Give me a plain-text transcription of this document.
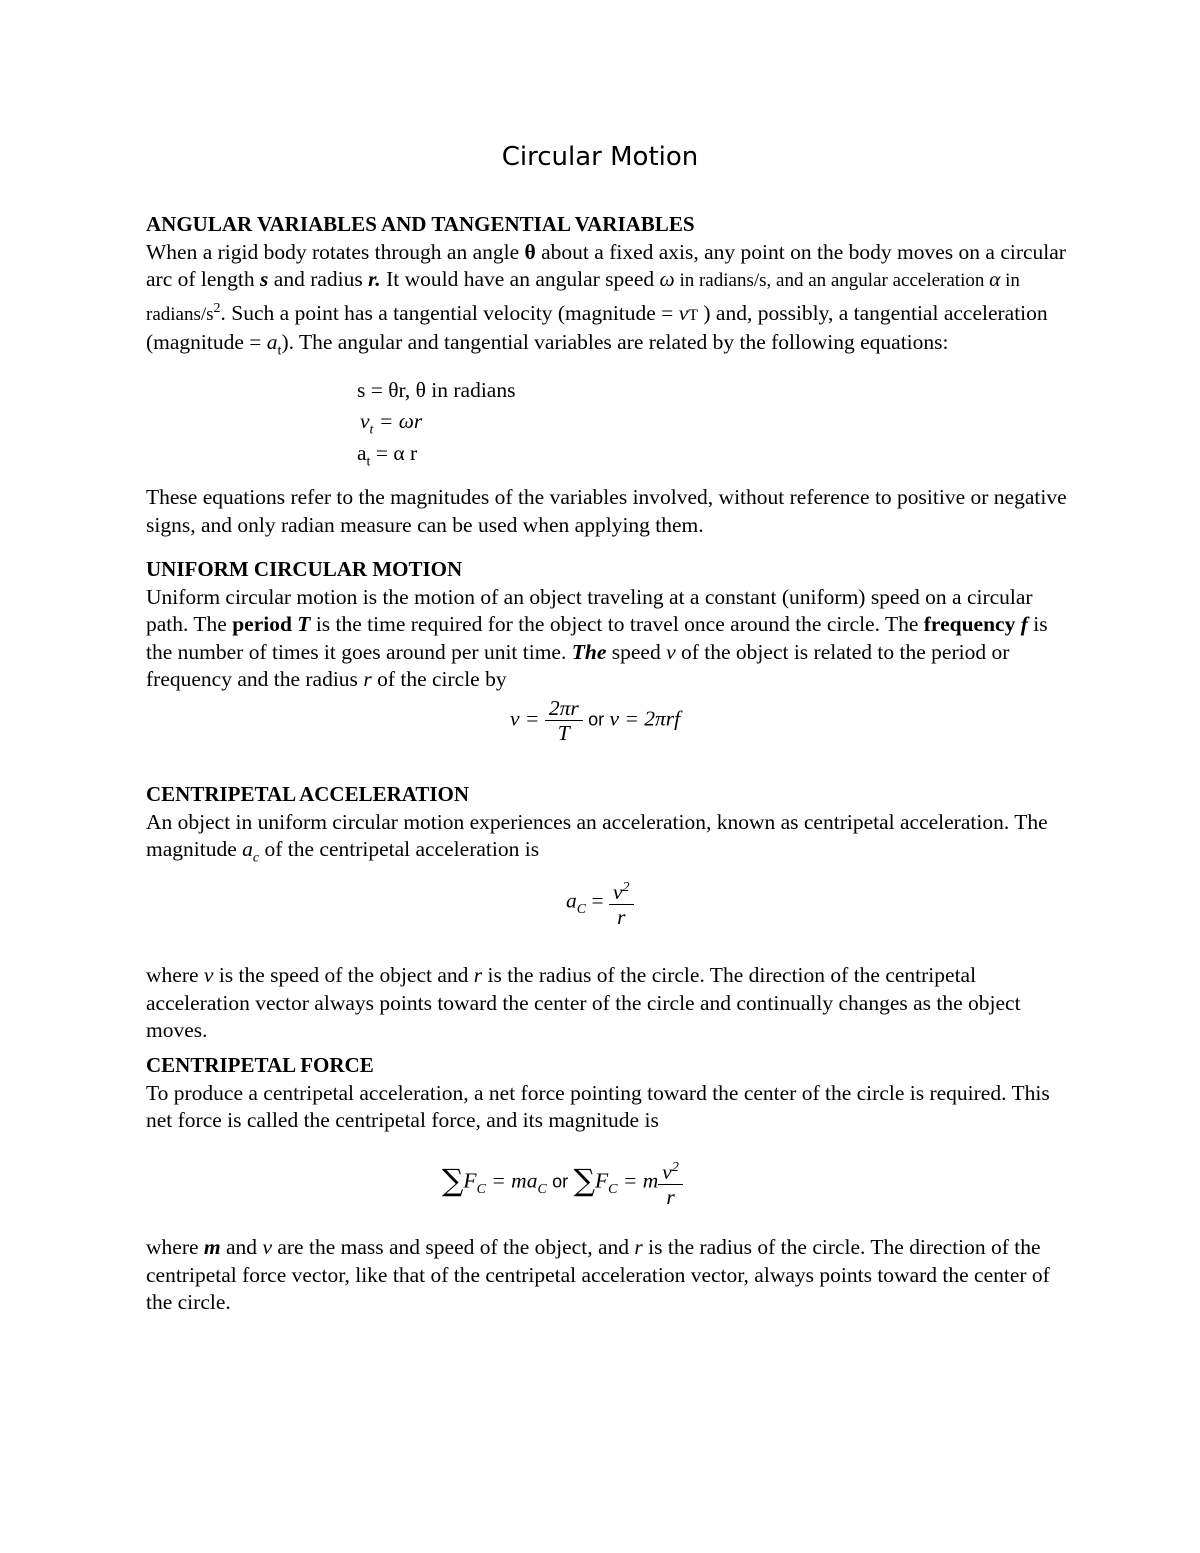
Circular Motion

ANGULAR VARIABLES AND TANGENTIAL VARIABLES

When a rigid body rotates through an angle θ about a fixed axis, any point on the body moves on a circular arc of length s and radius r. It would have an angular speed ω in radians/s, and an angular acceleration α in radians/$s^2$. Such a point has a tangential velocity (magnitude = vT ) and, possibly, a tangential acceleration (magnitude = $a_t$). The angular and tangential variables are related by the following equations:

s = θr, θ in radians
$v_t = \omega r$
$a_t = \alpha$ r

These equations refer to the magnitudes of the variables involved, without reference to positive or negative signs, and only radian measure can be used when applying them.

UNIFORM CIRCULAR MOTION

Uniform circular motion is the motion of an object traveling at a constant (uniform) speed on a circular path. The period T is the time required for the object to travel once around the circle. The frequency f is the number of times it goes around per unit time. The speed v of the object is related to the period or frequency and the radius r of the circle by

$v = \frac{2\pi r}{T}$ or v = 2πrf

CENTRIPETAL ACCELERATION

An object in uniform circular motion experiences an acceleration, known as centripetal acceleration. The magnitude $a_c$ of the centripetal acceleration is

$a_C = \frac{v^2}{r}$

where v is the speed of the object and r is the radius of the circle. The direction of the centripetal acceleration vector always points toward the center of the circle and continually changes as the object moves.

CENTRIPETAL FORCE

To produce a centripetal acceleration, a net force pointing toward the center of the circle is required. This net force is called the centripetal force, and its magnitude is

$\sum F_C = ma_C$ or $\sum F_C = m \frac{v^2}{r}$

where m and v are the mass and speed of the object, and r is the radius of the circle. The direction of the centripetal force vector, like that of the centripetal acceleration vector, always points toward the center of the circle.
